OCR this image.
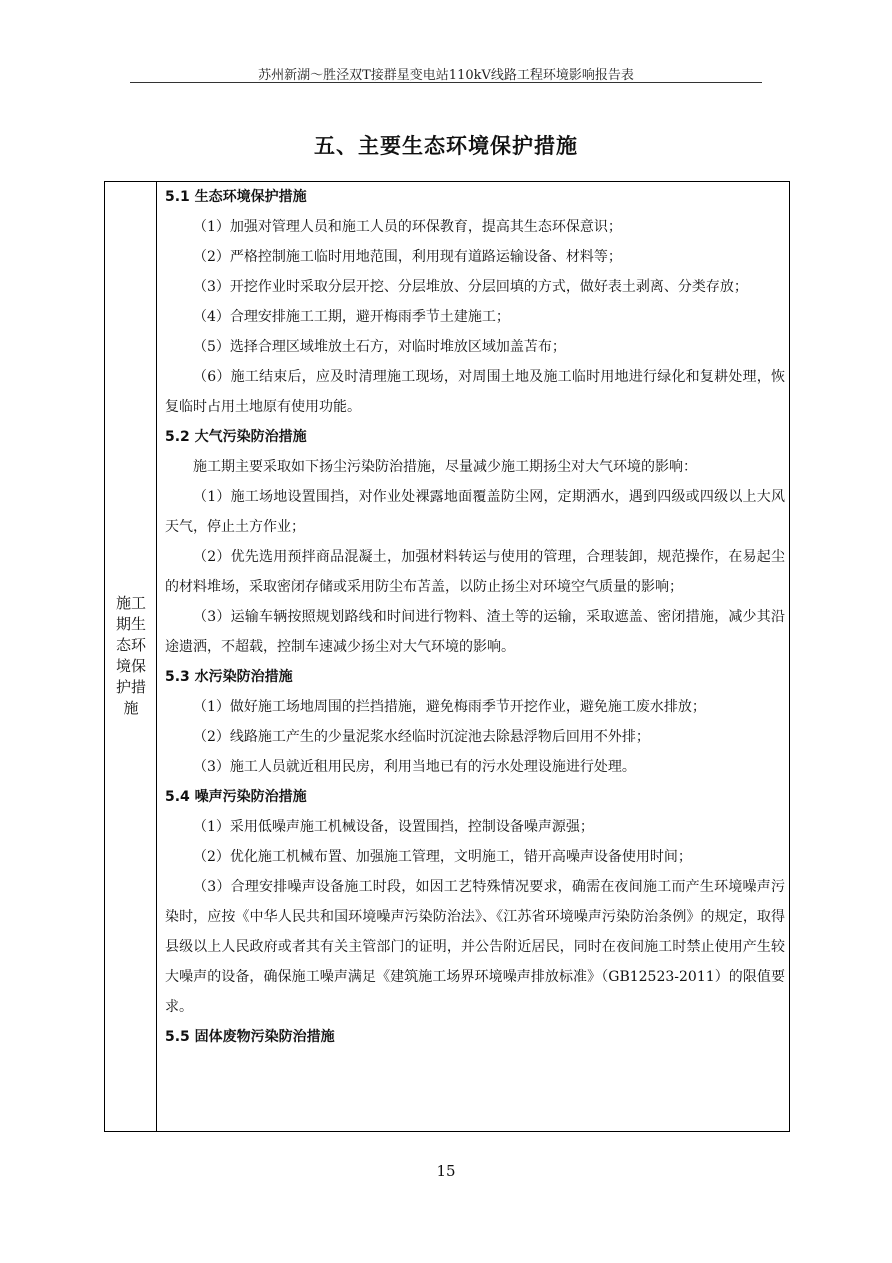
苏州新湖～胜泾双T接群星变电站110kV线路工程环境影响报告表
五、主要生态环境保护措施
施工期生态环境保护措施

5.1 生态环境保护措施

（1）加强对管理人员和施工人员的环保教育，提高其生态环保意识；

（2）严格控制施工临时用地范围，利用现有道路运输设备、材料等；

（3）开挖作业时采取分层开挖、分层堆放、分层回填的方式，做好表土剥离、分类存放；

（4）合理安排施工工期，避开梅雨季节土建施工；

（5）选择合理区域堆放土石方，对临时堆放区域加盖苫布；

（6）施工结束后，应及时清理施工现场，对周围土地及施工临时用地进行绿化和复耕处理，恢复临时占用土地原有使用功能。

5.2 大气污染防治措施

施工期主要采取如下扬尘污染防治措施，尽量减少施工期扬尘对大气环境的影响：

（1）施工场地设置围挡，对作业处裸露地面覆盖防尘网，定期洒水，遇到四级或四级以上大风天气，停止土方作业；

（2）优先选用预拌商品混凝土，加强材料转运与使用的管理，合理装卸，规范操作，在易起尘的材料堆场，采取密闭存储或采用防尘布苫盖，以防止扬尘对环境空气质量的影响；

（3）运输车辆按照规划路线和时间进行物料、渣土等的运输，采取遮盖、密闭措施，减少其沿途遗洒，不超载，控制车速减少扬尘对大气环境的影响。

5.3 水污染防治措施

（1）做好施工场地周围的拦挡措施，避免梅雨季节开挖作业，避免施工废水排放；

（2）线路施工产生的少量泥浆水经临时沉淀池去除悬浮物后回用不外排；

（3）施工人员就近租用民房，利用当地已有的污水处理设施进行处理。

5.4 噪声污染防治措施

（1）采用低噪声施工机械设备，设置围挡，控制设备噪声源强；

（2）优化施工机械布置、加强施工管理，文明施工，错开高噪声设备使用时间；

（3）合理安排噪声设备施工时段，如因工艺特殊情况要求，确需在夜间施工而产生环境噪声污染时，应按《中华人民共和国环境噪声污染防治法》、《江苏省环境噪声污染防治条例》的规定，取得县级以上人民政府或者其有关主管部门的证明，并公告附近居民，同时在夜间施工时禁止使用产生较大噪声的设备，确保施工噪声满足《建筑施工场界环境噪声排放标准》（GB12523-2011）的限值要求。

5.5 固体废物污染防治措施

15
